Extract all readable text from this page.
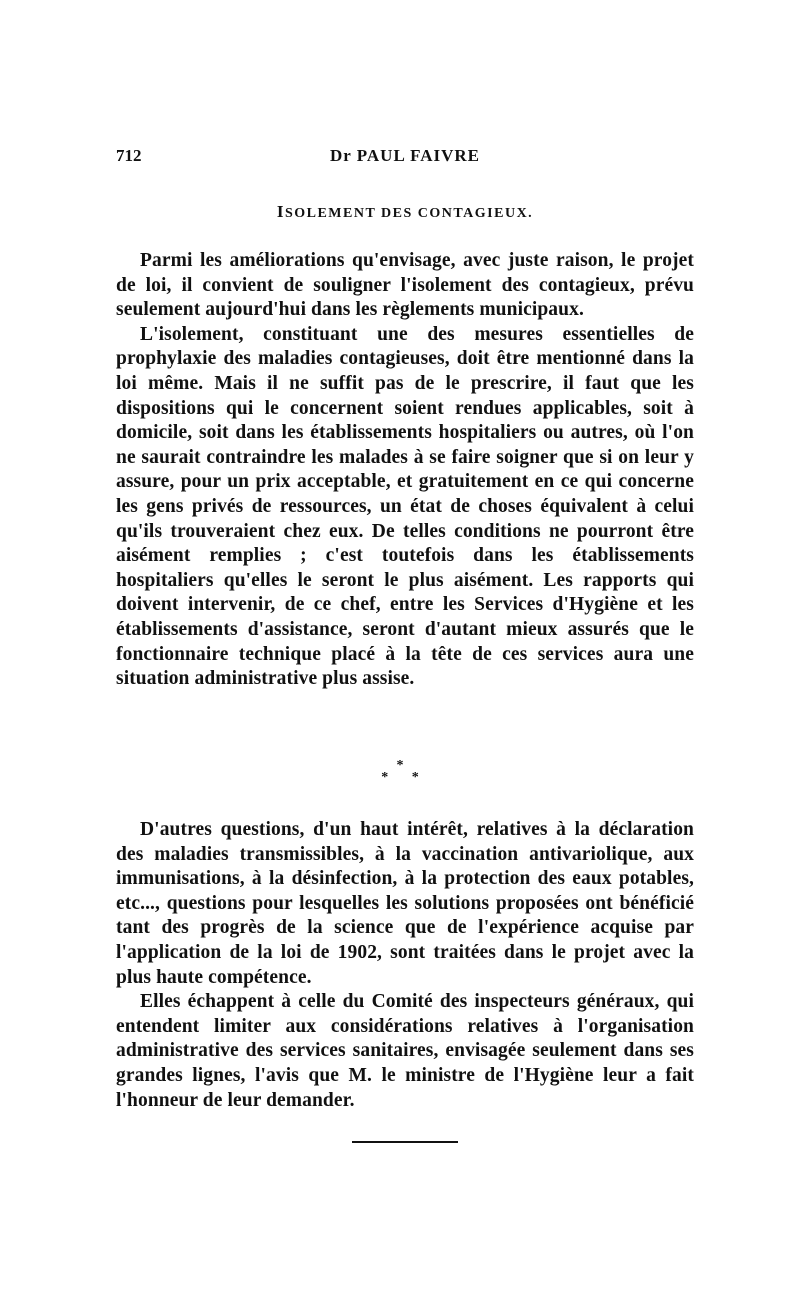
712	Dr PAUL FAIVRE
ISOLEMENT DES CONTAGIEUX.

Parmi les améliorations qu'envisage, avec juste raison, le projet de loi, il convient de souligner l'isolement des contagieux, prévu seulement aujourd'hui dans les règlements municipaux.

L'isolement, constituant une des mesures essentielles de prophylaxie des maladies contagieuses, doit être mentionné dans la loi même. Mais il ne suffit pas de le prescrire, il faut que les dispositions qui le concernent soient rendues applicables, soit à domicile, soit dans les établissements hospitaliers ou autres, où l'on ne saurait contraindre les malades à se faire soigner que si on leur y assure, pour un prix acceptable, et gratuitement en ce qui concerne les gens privés de ressources, un état de choses équivalent à celui qu'ils trouveraient chez eux. De telles conditions ne pourront être aisément remplies ; c'est toutefois dans les établissements hospitaliers qu'elles le seront le plus aisément. Les rapports qui doivent intervenir, de ce chef, entre les Services d'Hygiène et les établissements d'assistance, seront d'autant mieux assurés que le fonctionnaire technique placé à la tête de ces services aura une situation administrative plus assise.

*
* *

D'autres questions, d'un haut intérêt, relatives à la déclaration des maladies transmissibles, à la vaccination antivariolique, aux immunisations, à la désinfection, à la protection des eaux potables, etc..., questions pour lesquelles les solutions proposées ont bénéficié tant des progrès de la science que de l'expérience acquise par l'application de la loi de 1902, sont traitées dans le projet avec la plus haute compétence.

Elles échappent à celle du Comité des inspecteurs généraux, qui entendent limiter aux considérations relatives à l'organisation administrative des services sanitaires, envisagée seulement dans ses grandes lignes, l'avis que M. le ministre de l'Hygiène leur a fait l'honneur de leur demander.
